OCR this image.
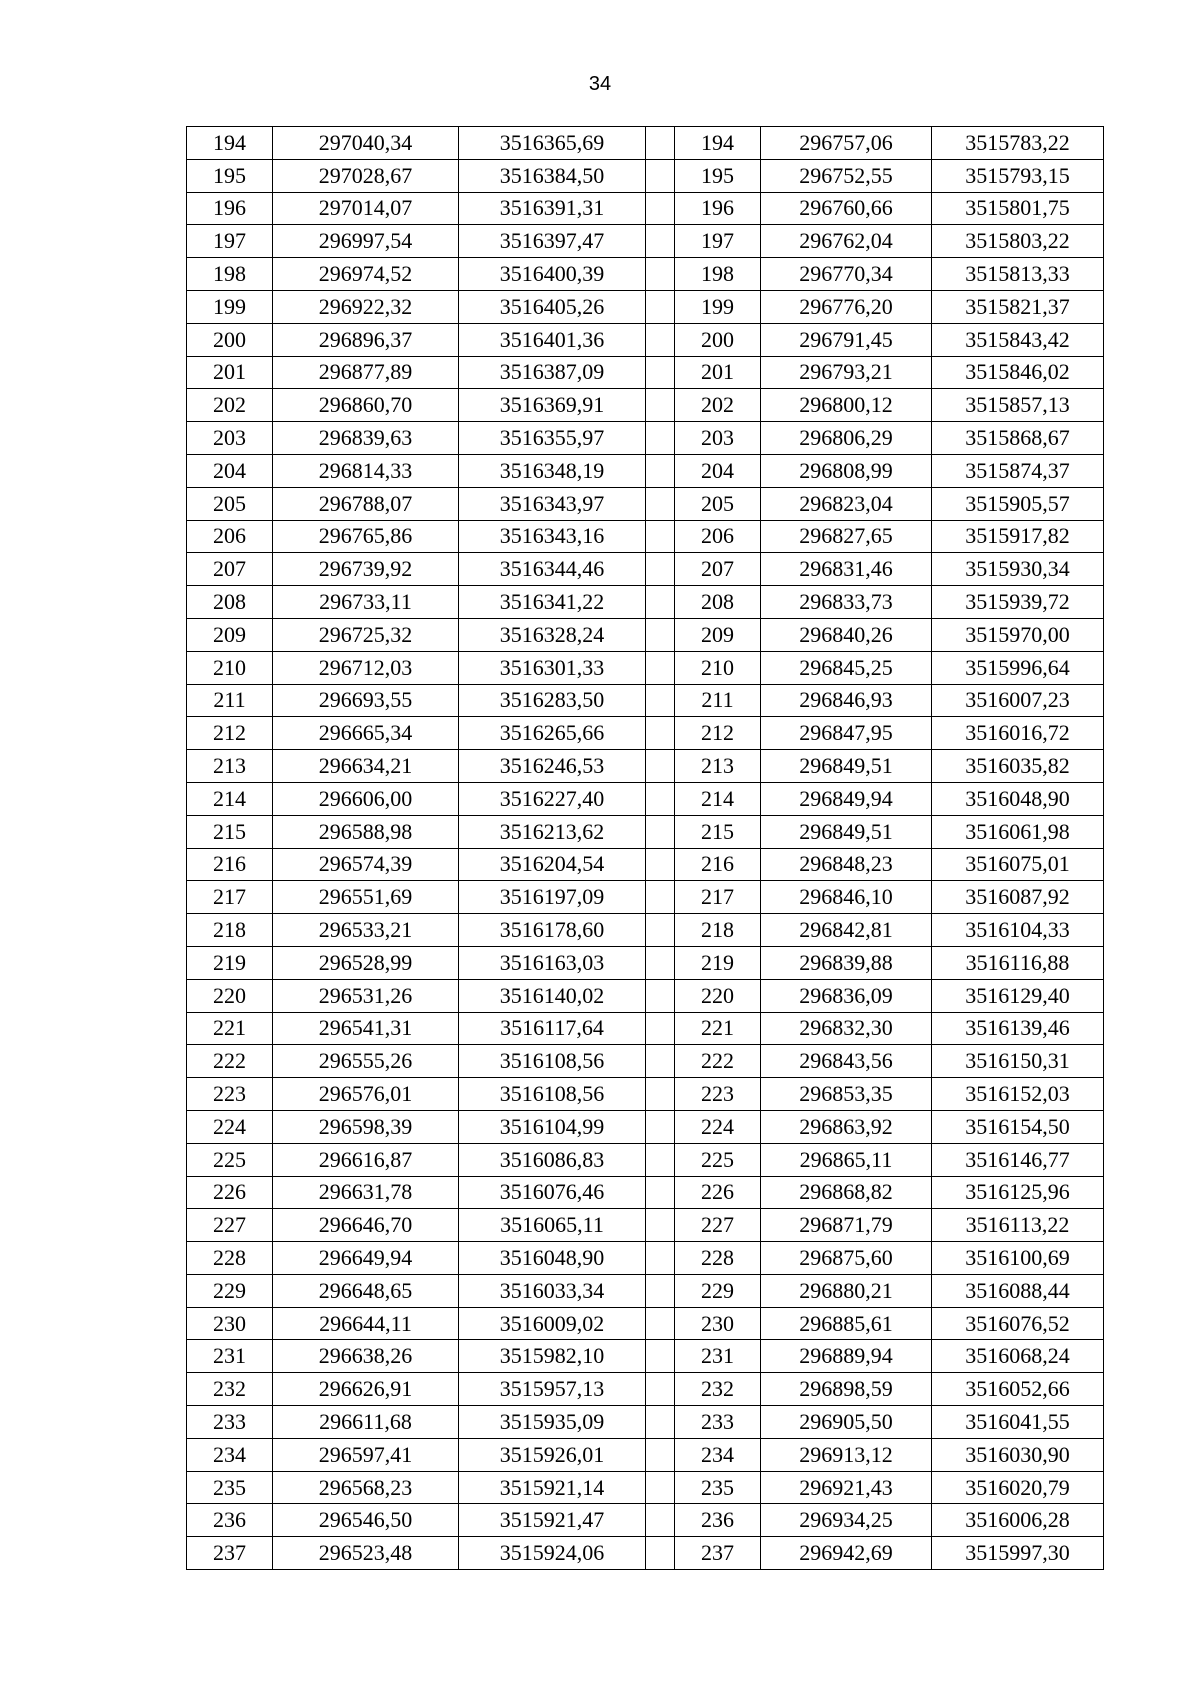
34
194	297040,34	3516365,69		194	296757,06	3515783,22
195	297028,67	3516384,50		195	296752,55	3515793,15
196	297014,07	3516391,31		196	296760,66	3515801,75
197	296997,54	3516397,47		197	296762,04	3515803,22
198	296974,52	3516400,39		198	296770,34	3515813,33
199	296922,32	3516405,26		199	296776,20	3515821,37
200	296896,37	3516401,36		200	296791,45	3515843,42
201	296877,89	3516387,09		201	296793,21	3515846,02
202	296860,70	3516369,91		202	296800,12	3515857,13
203	296839,63	3516355,97		203	296806,29	3515868,67
204	296814,33	3516348,19		204	296808,99	3515874,37
205	296788,07	3516343,97		205	296823,04	3515905,57
206	296765,86	3516343,16		206	296827,65	3515917,82
207	296739,92	3516344,46		207	296831,46	3515930,34
208	296733,11	3516341,22		208	296833,73	3515939,72
209	296725,32	3516328,24		209	296840,26	3515970,00
210	296712,03	3516301,33		210	296845,25	3515996,64
211	296693,55	3516283,50		211	296846,93	3516007,23
212	296665,34	3516265,66		212	296847,95	3516016,72
213	296634,21	3516246,53		213	296849,51	3516035,82
214	296606,00	3516227,40		214	296849,94	3516048,90
215	296588,98	3516213,62		215	296849,51	3516061,98
216	296574,39	3516204,54		216	296848,23	3516075,01
217	296551,69	3516197,09		217	296846,10	3516087,92
218	296533,21	3516178,60		218	296842,81	3516104,33
219	296528,99	3516163,03		219	296839,88	3516116,88
220	296531,26	3516140,02		220	296836,09	3516129,40
221	296541,31	3516117,64		221	296832,30	3516139,46
222	296555,26	3516108,56		222	296843,56	3516150,31
223	296576,01	3516108,56		223	296853,35	3516152,03
224	296598,39	3516104,99		224	296863,92	3516154,50
225	296616,87	3516086,83		225	296865,11	3516146,77
226	296631,78	3516076,46		226	296868,82	3516125,96
227	296646,70	3516065,11		227	296871,79	3516113,22
228	296649,94	3516048,90		228	296875,60	3516100,69
229	296648,65	3516033,34		229	296880,21	3516088,44
230	296644,11	3516009,02		230	296885,61	3516076,52
231	296638,26	3515982,10		231	296889,94	3516068,24
232	296626,91	3515957,13		232	296898,59	3516052,66
233	296611,68	3515935,09		233	296905,50	3516041,55
234	296597,41	3515926,01		234	296913,12	3516030,90
235	296568,23	3515921,14		235	296921,43	3516020,79
236	296546,50	3515921,47		236	296934,25	3516006,28
237	296523,48	3515924,06		237	296942,69	3515997,30
